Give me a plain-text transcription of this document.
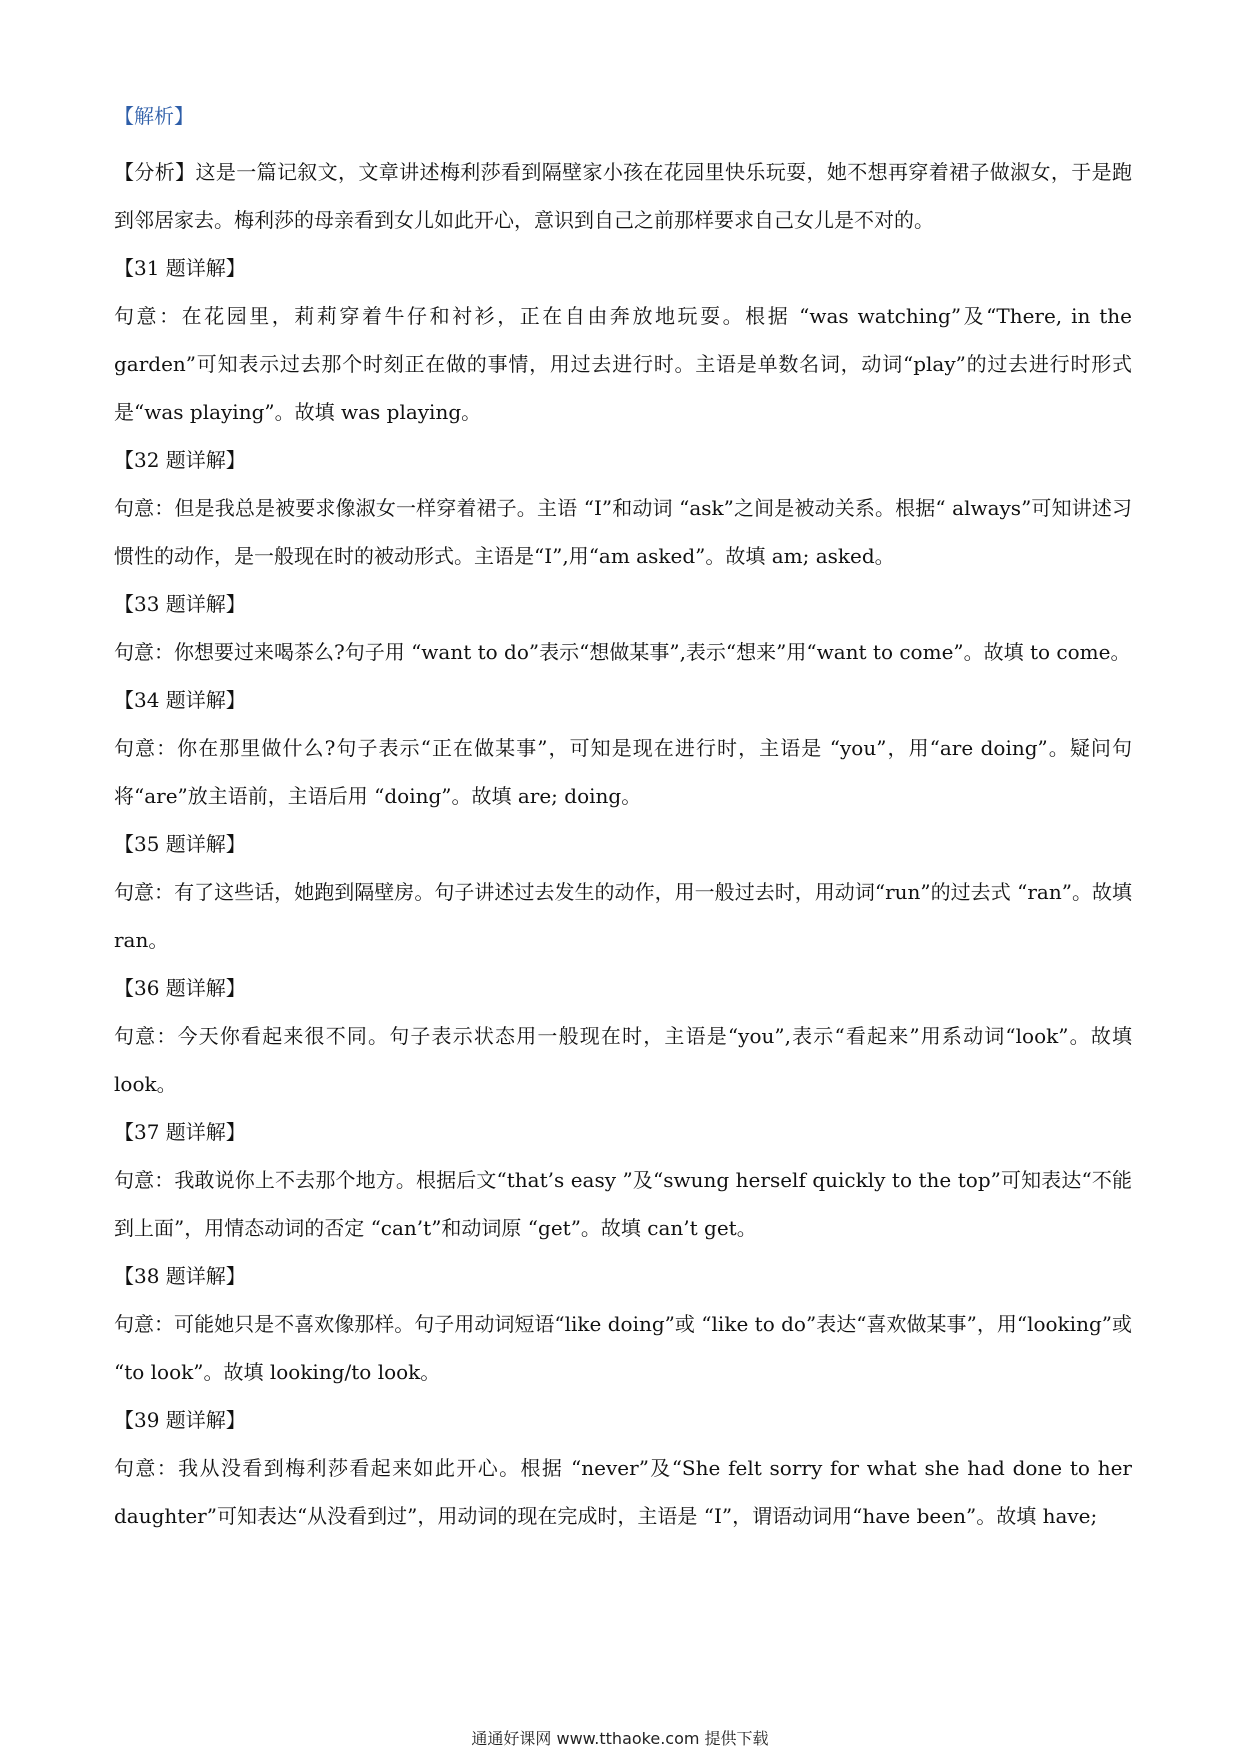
【解析】

【分析】这是一篇记叙文，文章讲述梅利莎看到隔壁家小孩在花园里快乐玩耍，她不想再穿着裙子做淑女，于是跑到邻居家去。梅利莎的母亲看到女儿如此开心，意识到自己之前那样要求自己女儿是不对的。

【31 题详解】

句意：在花园里，莉莉穿着牛仔和衬衫，正在自由奔放地玩耍。根据 “was watching”及“There, in the garden”可知表示过去那个时刻正在做的事情，用过去进行时。主语是单数名词，动词“play”的过去进行时形式是“was playing”。故填 was playing。

【32 题详解】

句意：但是我总是被要求像淑女一样穿着裙子。主语 “I”和动词 “ask”之间是被动关系。根据“ always”可知讲述习惯性的动作，是一般现在时的被动形式。主语是“I”,用“am asked”。故填 am; asked。

【33 题详解】

句意：你想要过来喝茶么?句子用 “want to do”表示“想做某事”,表示“想来”用“want to come”。故填 to come。

【34 题详解】

句意：你在那里做什么?句子表示“正在做某事”，可知是现在进行时，主语是 “you”，用“are doing”。疑问句将“are”放主语前，主语后用 “doing”。故填 are; doing。

【35 题详解】

句意：有了这些话，她跑到隔壁房。句子讲述过去发生的动作，用一般过去时，用动词“run”的过去式 “ran”。故填 ran。

【36 题详解】

句意：今天你看起来很不同。句子表示状态用一般现在时，主语是“you”,表示“看起来”用系动词“look”。故填 look。

【37 题详解】

句意：我敢说你上不去那个地方。根据后文“that’s easy ”及“swung herself quickly to the top”可知表达“不能到上面”，用情态动词的否定 “can’t”和动词原 “get”。故填 can’t get。

【38 题详解】

句意：可能她只是不喜欢像那样。句子用动词短语“like doing”或 “like to do”表达“喜欢做某事”，用“looking”或 “to look”。故填 looking/to look。

【39 题详解】

句意：我从没看到梅利莎看起来如此开心。根据 “never”及“She felt sorry for what she had done to her daughter”可知表达“从没看到过”，用动词的现在完成时，主语是 “I”，谓语动词用“have been”。故填 have;

通通好课网 www.tthaoke.com 提供下载
